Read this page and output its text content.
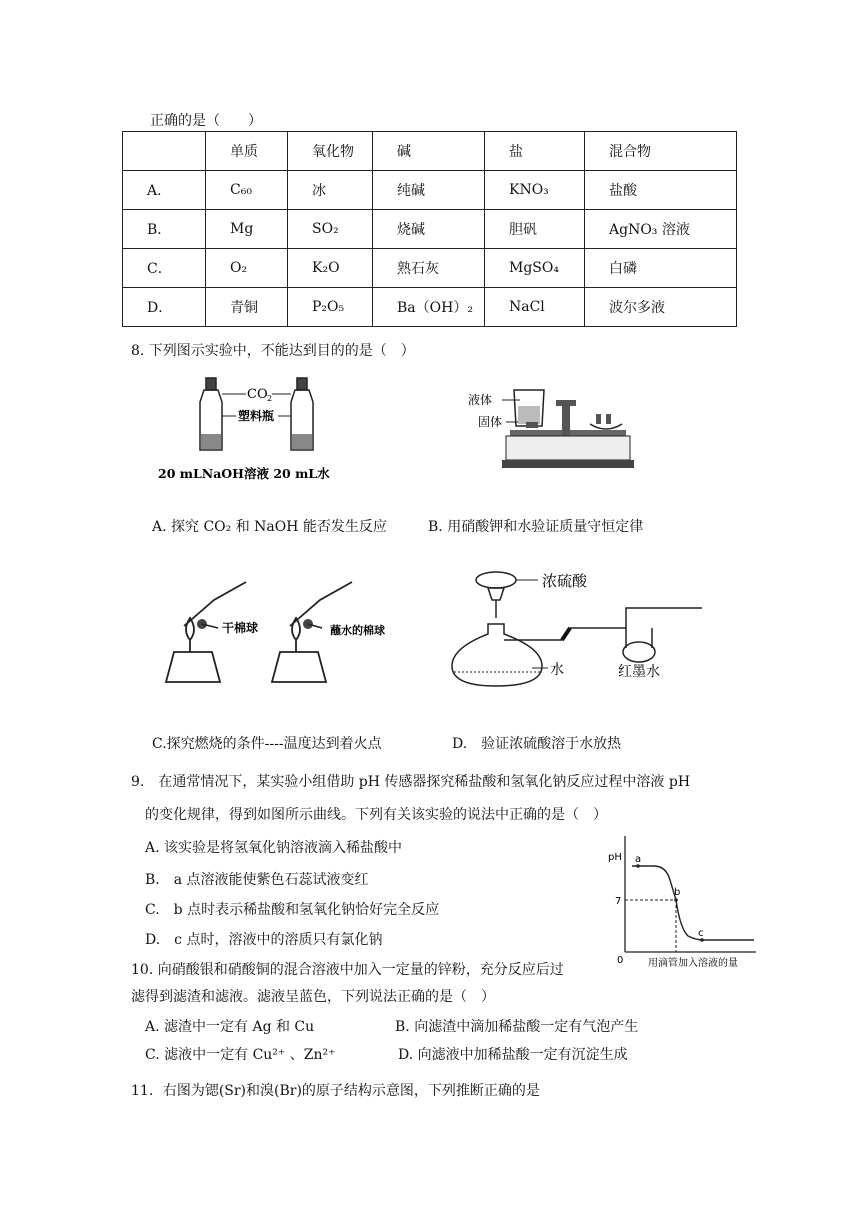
正确的是（　　）
	单质	氧化物	碱	盐	混合物
A．	C₆₀	冰	纯碱	KNO₃	盐酸
B．	Mg	SO₂	烧碱	胆矾	AgNO₃ 溶液
C．	O₂	K₂O	熟石灰	MgSO₄	白磷
D．	青铜	P₂O₅	Ba（OH）₂	NaCl	波尔多液
8. 下列图示实验中，不能达到目的的是（　）
CO 2
塑料瓶
20 mLNaOH溶液 20 mL水
液体
固体
A. 探究 CO₂ 和 NaOH 能否发生反应	B. 用硝酸钾和水验证质量守恒定律
干棉球	蘸水的棉球
浓硫酸
水	红墨水
C.探究燃烧的条件----温度达到着火点	D.　验证浓硫酸溶于水放热
9.　在通常情况下，某实验小组借助 pH 传感器探究稀盐酸和氢氧化钠反应过程中溶液 pH
的变化规律，得到如图所示曲线。下列有关该实验的说法中正确的是（　）
A. 该实验是将氢氧化钠溶液滴入稀盐酸中
B.　a 点溶液能使紫色石蕊试液变红
C.　b 点时表示稀盐酸和氢氧化钠恰好完全反应
D.　c 点时，溶液中的溶质只有氯化钠
pH
7
0 用滴管加入溶液的量
a
b
c
10. 向硝酸银和硝酸铜的混合溶液中加入一定量的锌粉，充分反应后过
滤得到滤渣和滤液。滤液呈蓝色，下列说法正确的是（　）
A. 滤渣中一定有 Ag 和 Cu	B. 向滤渣中滴加稀盐酸一定有气泡产生
C. 滤液中一定有 Cu²⁺ 、Zn²⁺	D. 向滤液中加稀盐酸一定有沉淀生成
11．右图为锶(Sr)和溴(Br)的原子结构示意图，下列推断正确的是
